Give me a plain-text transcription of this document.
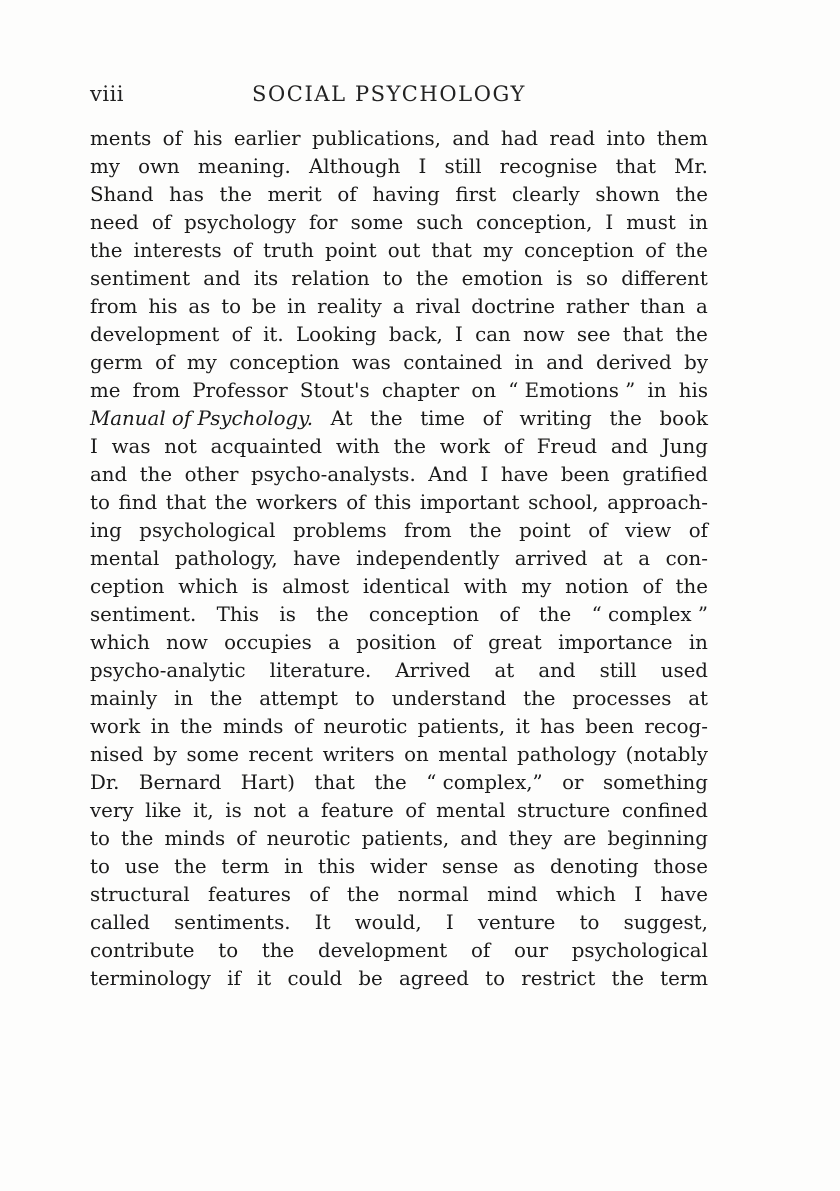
viii	SOCIAL PSYCHOLOGY
ments of his earlier publications, and had read into them
my own meaning. Although I still recognise that Mr.
Shand has the merit of having first clearly shown the
need of psychology for some such conception, I must in
the interests of truth point out that my conception of the
sentiment and its relation to the emotion is so different
from his as to be in reality a rival doctrine rather than a
development of it. Looking back, I can now see that the
germ of my conception was contained in and derived by
me from Professor Stout's chapter on “ Emotions ” in his
Manual of Psychology. At the time of writing the book
I was not acquainted with the work of Freud and Jung
and the other psycho-analysts. And I have been gratified
to find that the workers of this important school, approach-
ing psychological problems from the point of view of
mental pathology, have independently arrived at a con-
ception which is almost identical with my notion of the
sentiment. This is the conception of the “ complex ”
which now occupies a position of great importance in
psycho-analytic literature. Arrived at and still used
mainly in the attempt to understand the processes at
work in the minds of neurotic patients, it has been recog-
nised by some recent writers on mental pathology (notably
Dr. Bernard Hart) that the “ complex,” or something
very like it, is not a feature of mental structure confined
to the minds of neurotic patients, and they are beginning
to use the term in this wider sense as denoting those
structural features of the normal mind which I have
called sentiments. It would, I venture to suggest,
contribute to the development of our psychological
terminology if it could be agreed to restrict the term
